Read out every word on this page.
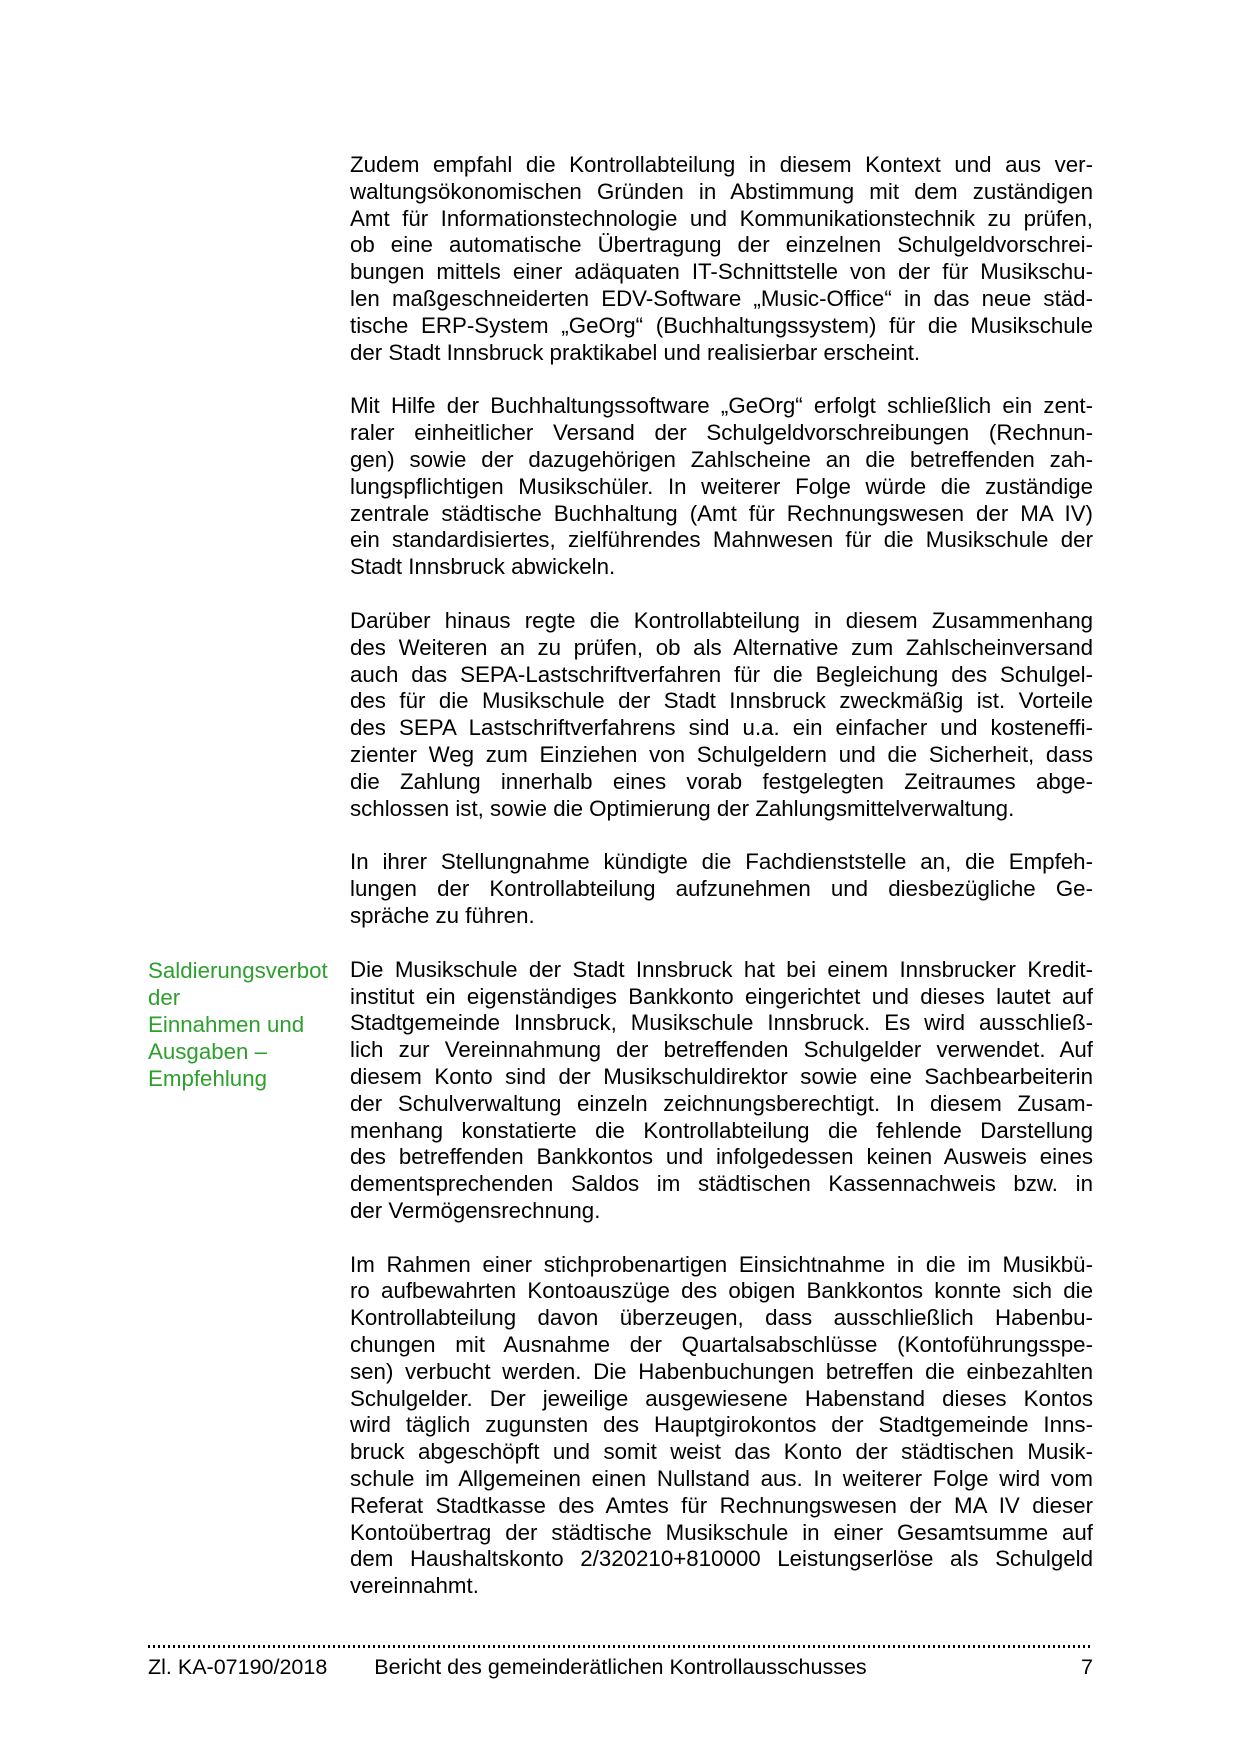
Zudem empfahl die Kontrollabteilung in diesem Kontext und aus ver-
waltungsökonomischen Gründen in Abstimmung mit dem zuständigen
Amt für Informationstechnologie und Kommunikationstechnik zu prüfen,
ob eine automatische Übertragung der einzelnen Schulgeldvorschrei-
bungen mittels einer adäquaten IT-Schnittstelle von der für Musikschu-
len maßgeschneiderten EDV-Software „Music-Office“ in das neue städ-
tische ERP-System „GeOrg“ (Buchhaltungssystem) für die Musikschule
der Stadt Innsbruck praktikabel und realisierbar erscheint.
Mit Hilfe der Buchhaltungssoftware „GeOrg“ erfolgt schließlich ein zent-
raler einheitlicher Versand der Schulgeldvorschreibungen (Rechnun-
gen) sowie der dazugehörigen Zahlscheine an die betreffenden zah-
lungspflichtigen Musikschüler. In weiterer Folge würde die zuständige
zentrale städtische Buchhaltung (Amt für Rechnungswesen der MA IV)
ein standardisiertes, zielführendes Mahnwesen für die Musikschule der
Stadt Innsbruck abwickeln.
Darüber hinaus regte die Kontrollabteilung in diesem Zusammenhang
des Weiteren an zu prüfen, ob als Alternative zum Zahlscheinversand
auch das SEPA-Lastschriftverfahren für die Begleichung des Schulgel-
des für die Musikschule der Stadt Innsbruck zweckmäßig ist. Vorteile
des SEPA Lastschriftverfahrens sind u.a. ein einfacher und kosteneffi-
zienter Weg zum Einziehen von Schulgeldern und die Sicherheit, dass
die Zahlung innerhalb eines vorab festgelegten Zeitraumes abge-
schlossen ist, sowie die Optimierung der Zahlungsmittelverwaltung.
In ihrer Stellungnahme kündigte die Fachdienststelle an, die Empfeh-
lungen der Kontrollabteilung aufzunehmen und diesbezügliche Ge-
spräche zu führen.
Saldierungsverbot der
Einnahmen und
Ausgaben –
Empfehlung
Die Musikschule der Stadt Innsbruck hat bei einem Innsbrucker Kredit-
institut ein eigenständiges Bankkonto eingerichtet und dieses lautet auf
Stadtgemeinde Innsbruck, Musikschule Innsbruck. Es wird ausschließ-
lich zur Vereinnahmung der betreffenden Schulgelder verwendet. Auf
diesem Konto sind der Musikschuldirektor sowie eine Sachbearbeiterin
der Schulverwaltung einzeln zeichnungsberechtigt. In diesem Zusam-
menhang konstatierte die Kontrollabteilung die fehlende Darstellung
des betreffenden Bankkontos und infolgedessen keinen Ausweis eines
dementsprechenden Saldos im städtischen Kassennachweis bzw. in
der Vermögensrechnung.
Im Rahmen einer stichprobenartigen Einsichtnahme in die im Musikbü-
ro aufbewahrten Kontoauszüge des obigen Bankkontos konnte sich die
Kontrollabteilung davon überzeugen, dass ausschließlich Habenbu-
chungen mit Ausnahme der Quartalsabschlüsse (Kontoführungsspe-
sen) verbucht werden. Die Habenbuchungen betreffen die einbezahlten
Schulgelder. Der jeweilige ausgewiesene Habenstand dieses Kontos
wird täglich zugunsten des Hauptgirokontos der Stadtgemeinde Inns-
bruck abgeschöpft und somit weist das Konto der städtischen Musik-
schule im Allgemeinen einen Nullstand aus. In weiterer Folge wird vom
Referat Stadtkasse des Amtes für Rechnungswesen der MA IV dieser
Kontoübertrag der städtische Musikschule in einer Gesamtsumme auf
dem Haushaltskonto 2/320210+810000 Leistungserlöse als Schulgeld
vereinnahmt.
Zl. KA-07190/2018	Bericht des gemeinderätlichen Kontrollausschusses	7
